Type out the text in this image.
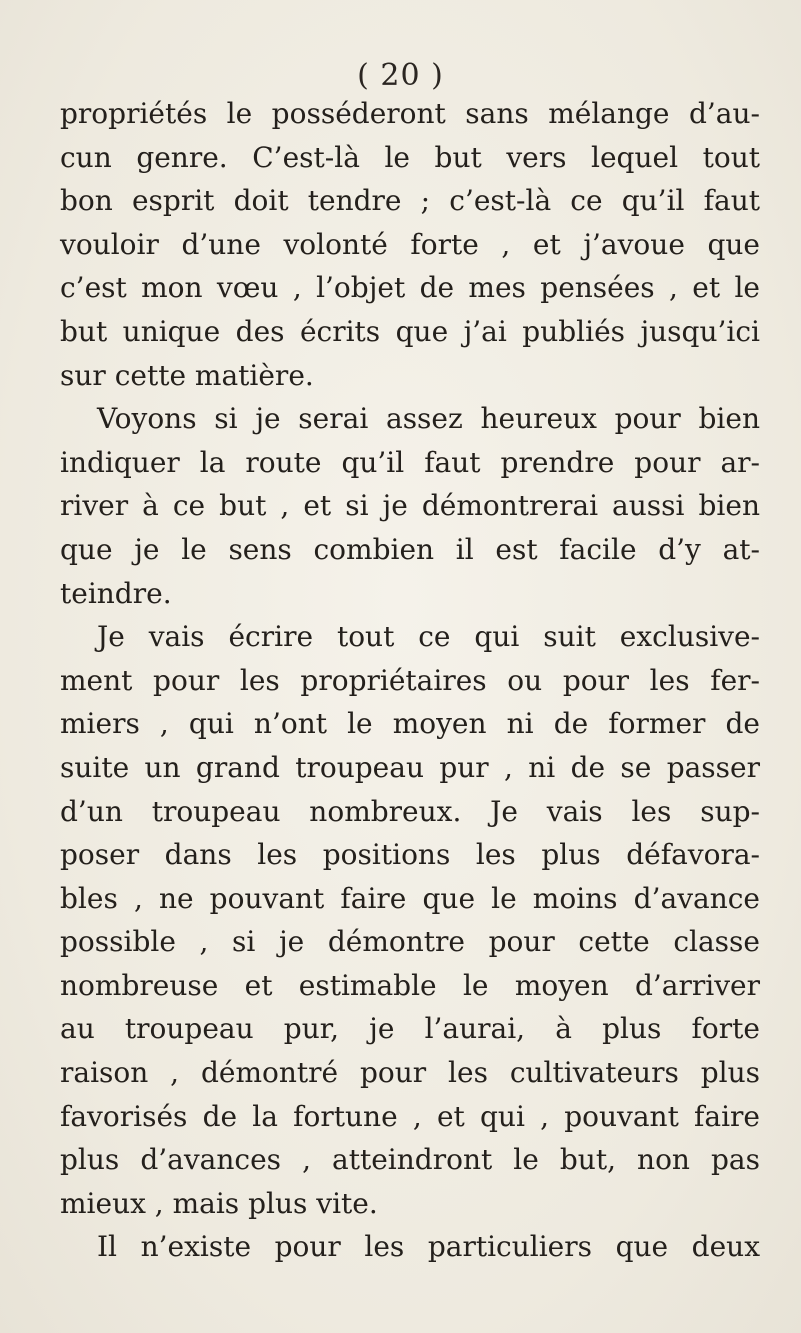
( 20 )
propriétés le posséderont sans mélange d’au-
cun genre. C’est-là le but vers lequel tout
bon esprit doit tendre ; c’est-là ce qu’il faut
vouloir d’une volonté forte , et j’avoue que
c’est mon vœu , l’objet de mes pensées , et le
but unique des écrits que j’ai publiés jusqu’ici
sur cette matière.
Voyons si je serai assez heureux pour bien
indiquer la route qu’il faut prendre pour ar-
river à ce but , et si je démontrerai aussi bien
que je le sens combien il est facile d’y at-
teindre.
Je vais écrire tout ce qui suit exclusive-
ment pour les propriétaires ou pour les fer-
miers , qui n’ont le moyen ni de former de
suite un grand troupeau pur , ni de se passer
d’un troupeau nombreux. Je vais les sup-
poser dans les positions les plus défavora-
bles , ne pouvant faire que le moins d’avance
possible , si je démontre pour cette classe
nombreuse et estimable le moyen d’arriver
au troupeau pur, je l’aurai, à plus forte
raison , démontré pour les cultivateurs plus
favorisés de la fortune , et qui , pouvant faire
plus d’avances , atteindront le but, non pas
mieux , mais plus vite.
Il n’existe pour les particuliers que deux
